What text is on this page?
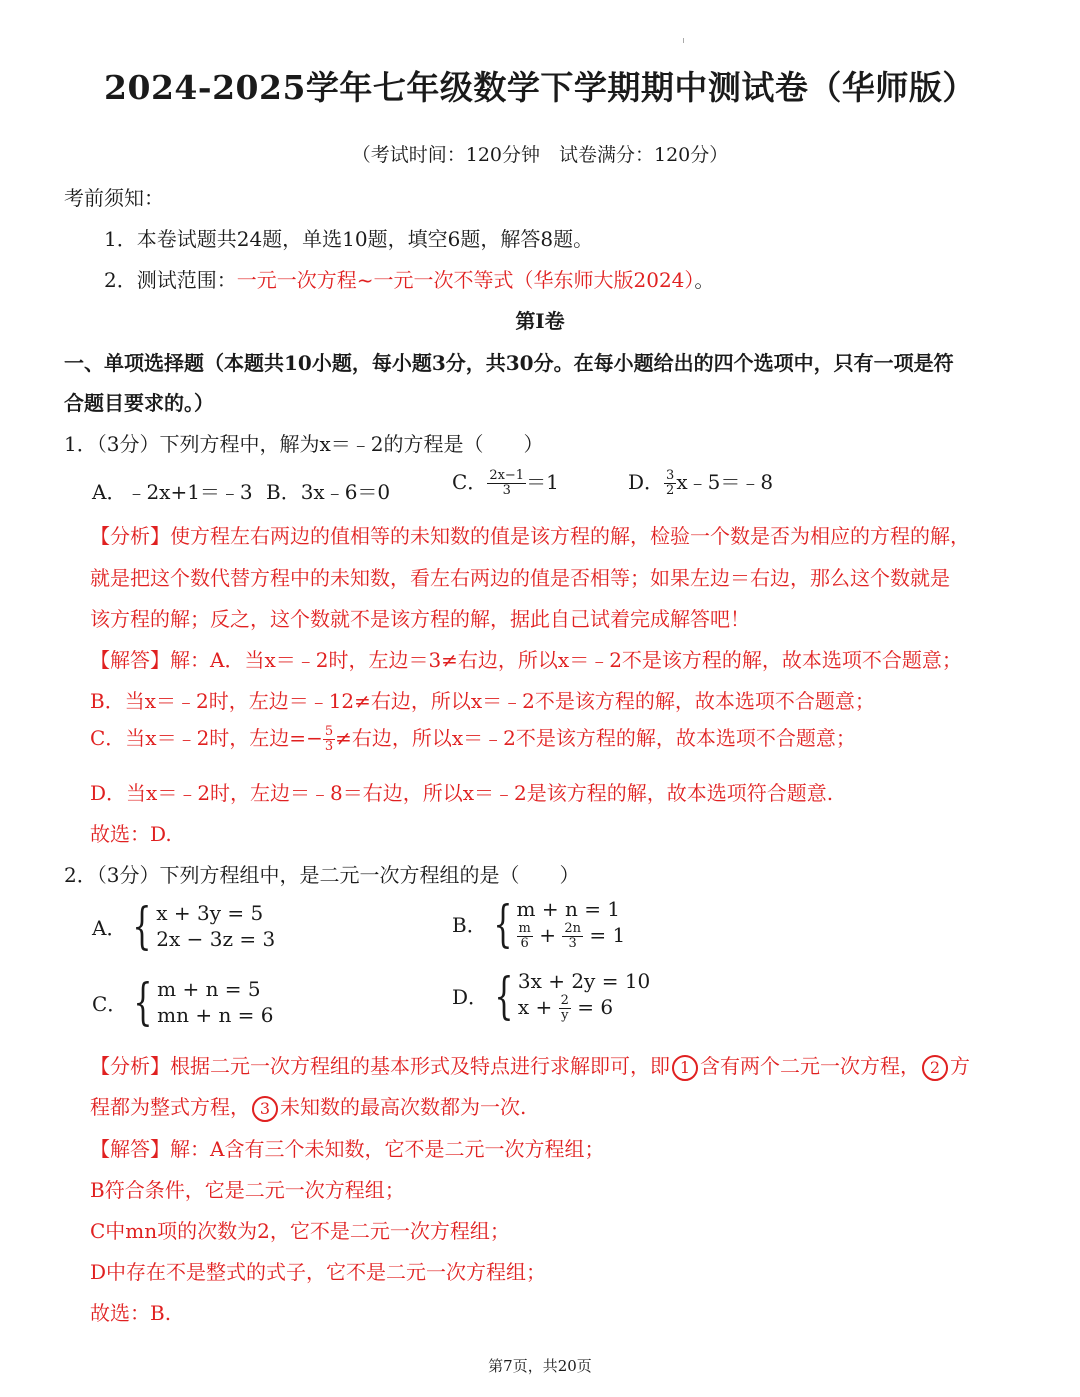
2024-2025学年七年级数学下学期期中测试卷（华师版）
（考试时间：120分钟　试卷满分：120分）
考前须知：
1．本卷试题共24题，单选10题，填空6题，解答8题。
2．测试范围：一元一次方程~一元一次不等式（华东师大版2024）。
第I卷
一、单项选择题（本题共10小题，每小题3分，共30分。在每小题给出的四个选项中，只有一项是符
合题目要求的。）
1．（3分）下列方程中，解为x＝﹣2的方程是（　　）
A．﹣2x+1＝﹣3 B．3x﹣6＝0	C． $\frac{2x-1}{3} =1$	D． $\frac{3}{2}$ x﹣5＝﹣8
【分析】使方程左右两边的值相等的未知数的值是该方程的解，检验一个数是否为相应的方程的解，
就是把这个数代替方程中的未知数，看左右两边的值是否相等；如果左边＝右边，那么这个数就是
该方程的解；反之，这个数就不是该方程的解，据此自己试着完成解答吧！
【解答】解：A．当x＝﹣2时，左边＝3≠右边，所以x＝﹣2不是该方程的解，故本选项不合题意；
B．当x＝﹣2时，左边＝﹣12≠右边，所以x＝﹣2不是该方程的解，故本选项不合题意；
C．当x＝﹣2时，左边=− $\frac{5}{3}$ ≠右边，所以x＝﹣2不是该方程的解，故本选项不合题意；
D．当x＝﹣2时，左边＝﹣8＝右边，所以x＝﹣2是该方程的解，故本选项符合题意.
故选：D.
2．（3分）下列方程组中，是二元一次方程组的是（　　）
A． { x + 3y = 5
2x − 3z = 3
B． { m + n = 1
$\frac{m}{6} + \frac{2n}{3} = 1$
C． { m + n = 5
mn + n = 6
D． { 3x + 2y = 10
$x + \frac{2}{y} = 6$
【分析】根据二元一次方程组的基本形式及特点进行求解即可，即 1 含有两个二元一次方程， 2 方
程都为整式方程， 3 未知数的最高次数都为一次.
【解答】解：A含有三个未知数，它不是二元一次方程组；
B符合条件，它是二元一次方程组；
C中mn项的次数为2，它不是二元一次方程组；
D中存在不是整式的式子，它不是二元一次方程组；
故选：B.
第7页，共20页
